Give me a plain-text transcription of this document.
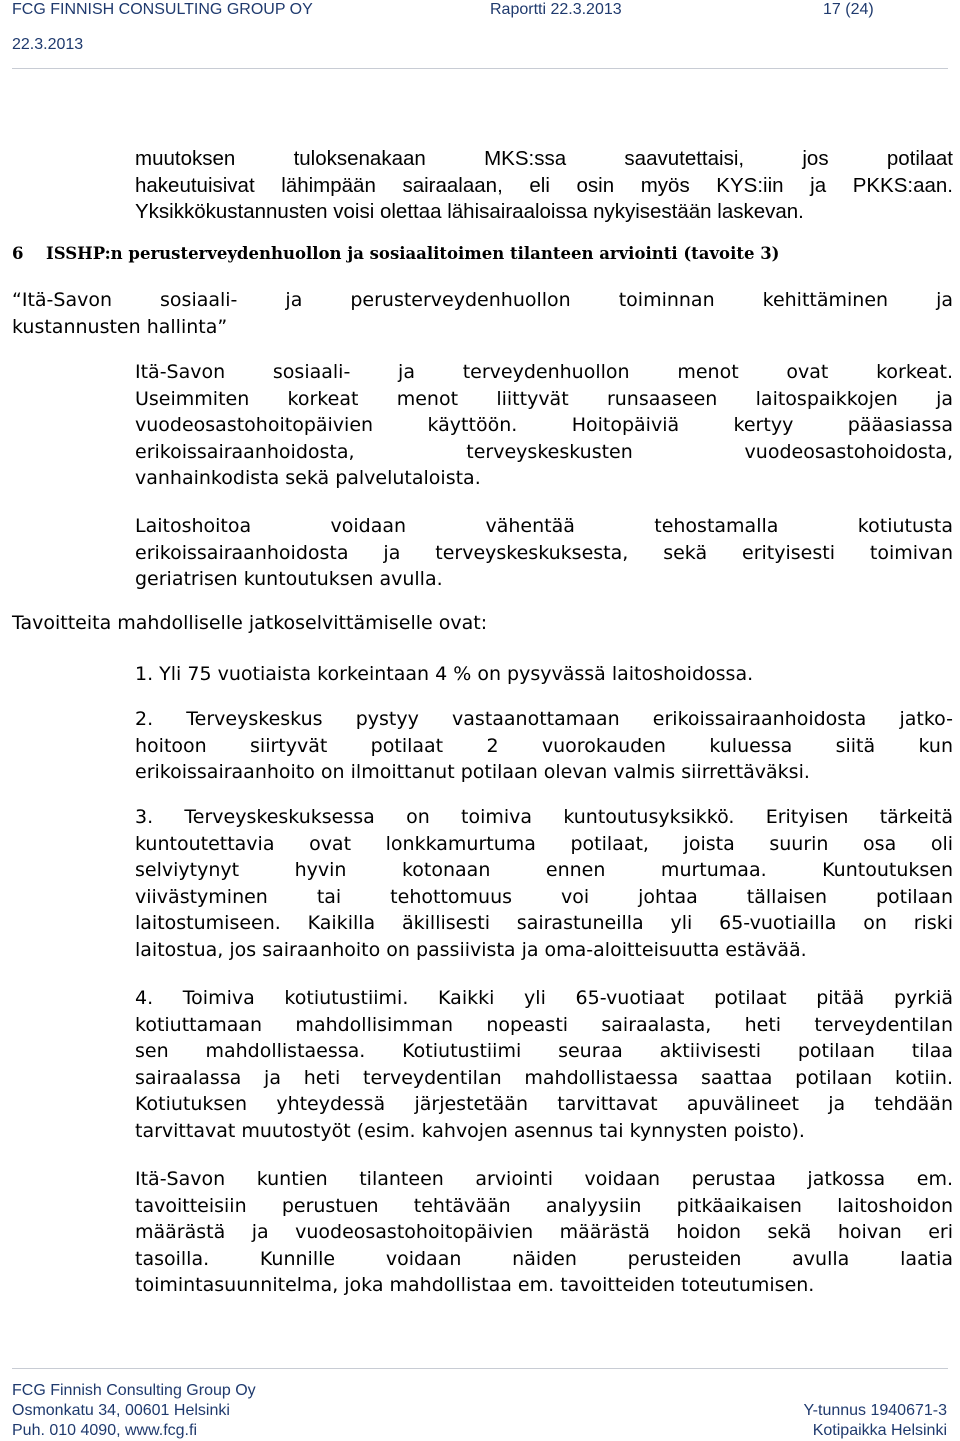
FCG FINNISH CONSULTING GROUP OY	Raportti 22.3.2013	17 (24)
22.3.2013
muutoksen tuloksenakaan MKS:ssa saavutettaisi, jos potilaat
hakeutuisivat lähimpään sairaalaan, eli osin myös KYS:iin ja PKKS:aan.
Yksikkökustannusten voisi olettaa lähisairaaloissa nykyisestään laskevan.
6 ISSHP:n perusterveydenhuollon ja sosiaalitoimen tilanteen arviointi (tavoite 3)
“Itä-Savon sosiaali- ja perusterveydenhuollon toiminnan kehittäminen ja
kustannusten hallinta”
Itä-Savon sosiaali- ja terveydenhuollon menot ovat korkeat.
Useimmiten korkeat menot liittyvät runsaaseen laitospaikkojen ja
vuodeosastohoitopäivien käyttöön. Hoitopäiviä kertyy pääasiassa
erikoissairaanhoidosta, terveyskeskusten vuodeosastohoidosta,
vanhainkodista sekä palvelutaloista.
Laitoshoitoa voidaan vähentää tehostamalla kotiutusta
erikoissairaanhoidosta ja terveyskeskuksesta, sekä erityisesti toimivan
geriatrisen kuntoutuksen avulla.
Tavoitteita mahdolliselle jatkoselvittämiselle ovat:
1. Yli 75 vuotiaista korkeintaan 4 % on pysyvässä laitoshoidossa.
2. Terveyskeskus pystyy vastaanottamaan erikoissairaanhoidosta jatko-
hoitoon siirtyvät potilaat 2 vuorokauden kuluessa siitä kun
erikoissairaanhoito on ilmoittanut potilaan olevan valmis siirrettäväksi.
3. Terveyskeskuksessa on toimiva kuntoutusyksikkö. Erityisen tärkeitä
kuntoutettavia ovat lonkkamurtuma potilaat, joista suurin osa oli
selviytynyt hyvin kotonaan ennen murtumaa. Kuntoutuksen
viivästyminen tai tehottomuus voi johtaa tällaisen potilaan
laitostumiseen. Kaikilla äkillisesti sairastuneilla yli 65-vuotiailla on riski
laitostua, jos sairaanhoito on passiivista ja oma-aloitteisuutta estävää.
4. Toimiva kotiutustiimi. Kaikki yli 65-vuotiaat potilaat pitää pyrkiä
kotiuttamaan mahdollisimman nopeasti sairaalasta, heti terveydentilan
sen mahdollistaessa. Kotiutustiimi seuraa aktiivisesti potilaan tilaa
sairaalassa ja heti terveydentilan mahdollistaessa saattaa potilaan kotiin.
Kotiutuksen yhteydessä järjestetään tarvittavat apuvälineet ja tehdään
tarvittavat muutostyöt (esim. kahvojen asennus tai kynnysten poisto).
Itä-Savon kuntien tilanteen arviointi voidaan perustaa jatkossa em.
tavoitteisiin perustuen tehtävään analyysiin pitkäaikaisen laitoshoidon
määrästä ja vuodeosastohoitopäivien määrästä hoidon sekä hoivan eri
tasoilla. Kunnille voidaan näiden perusteiden avulla laatia
toimintasuunnitelma, joka mahdollistaa em. tavoitteiden toteutumisen.
FCG Finnish Consulting Group Oy
Osmonkatu 34, 00601 Helsinki
Puh. 010 4090, www.fcg.fi
Y-tunnus 1940671-3
Kotipaikka Helsinki
